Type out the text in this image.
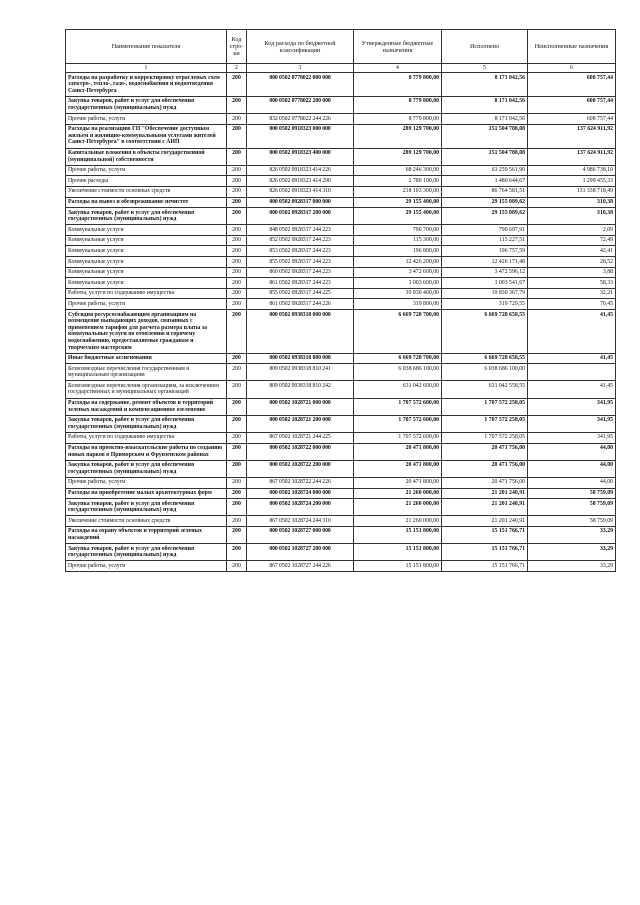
Наименование показателя	Код стро-ки	Код расхода по бюджетной классификации	Утвержденные бюджетные назначения	Исполнено	Неисполненные назначения
1	2	3	4	5	6
Расходы на разработку и корректировку отраслевых схем электро-, тепло-, газо-, водоснабжения и водоотведения Санкт-Петербурга	200	000 0502 0778022 000 000	8 779 800,00	8 171 042,56	608 757,44
Закупка товаров, работ и услуг для обеспечения государственных (муниципальных) нужд	200	000 0502 0778022 200 000	8 779 800,00	8 171 042,56	608 757,44
Прочие работы, услуги	200	832 0502 0778022 244 226	8 779 800,00	8 171 042,56	608 757,44
Расходы на реализацию ГП "Обеспечение доступным жильем и жилищно-коммунальными услугами жителей Санкт-Петербурга" в соответствии с АИП	200	000 0502 0918323 000 000	289 129 700,00	151 504 788,08	137 624 911,92
Капитальные вложения в объекты государственной (муниципальной) собственности	200	000 0502 0918323 400 000	289 129 700,00	151 504 788,08	137 624 911,92
Прочие работы, услуги	200	826 0502 0918323 414 226	68 246 300,00	63 259 561,90	4 986 738,10
Прочие расходы	200	826 0502 0918323 414 290	2 780 100,00	1 480 644,67	1 299 455,33
Увеличение стоимости основных средств	200	826 0502 0918323 414 310	218 103 300,00	86 764 581,51	131 338 718,49
Расходы на вывоз и обезвреживание нечистот	200	000 0502 0928317 000 000	29 155 400,00	29 155 089,62	310,38
Закупка товаров, работ и услуг для обеспечения государственных (муниципальных) нужд	200	000 0502 0928317 200 000	29 155 400,00	29 155 089,62	310,38
Коммунальные услуги	200	848 0502 0928317 244 223	790 700,00	790 697,91	2,09
Коммунальные услуги	200	852 0502 0928317 244 223	115 300,00	115 227,51	72,49
Коммунальные услуги	200	853 0502 0928317 244 223	196 800,00	196 757,59	42,41
Коммунальные услуги	200	855 0502 0928317 244 223	12 426 200,00	12 426 171,48	28,52
Коммунальные услуги	200	860 0502 0928317 244 223	3 472 600,00	3 472 596,12	3,88
Коммунальные услуги	200	861 0502 0928317 244 223	1 003 600,00	1 003 541,67	58,33
Работы, услуги по содержанию имущества	200	855 0502 0928317 244 225	10 830 400,00	10 830 367,79	32,21
Прочие работы, услуги	200	861 0502 0928317 244 226	319 800,00	319 729,55	70,45
Субсидия ресурсоснабжающим организациям на возмещение выпадающих доходов, связанных с применением тарифов для расчета размера платы за коммунальные услуги по отоплению и горячему водоснабжению, предоставляемые гражданам и творческим мастерским	200	000 0502 0938318 000 000	6 669 728 700,00	6 669 728 658,55	41,45
Иные бюджетные ассигнования	200	000 0502 0938318 800 000	6 669 728 700,00	6 669 728 658,55	41,45
Безвозмездные перечисления государственным и муниципальным организациям	200	809 0502 0938318 810 241	6 038 686 100,00	6 038 686 100,00	
Безвозмездные перечисления организациям, за исключением государственных и муниципальных организаций	200	809 0502 0938318 810 242	631 042 600,00	631 042 558,55	41,45
Расходы на содержание, ремонт объектов и территорий зеленых насаждений и компенсационное озеленение	200	000 0502 1028721 000 000	1 707 572 600,00	1 707 572 258,05	341,95
Закупка товаров, работ и услуг для обеспечения государственных (муниципальных) нужд	200	000 0502 1028721 200 000	1 707 572 600,00	1 707 572 258,05	341,95
Работы, услуги по содержанию имущества	200	867 0502 1028721 244 225	1 707 572 600,00	1 707 572 258,05	341,95
Расходы на проектно-изыскательские работы по созданию новых парков в Приморском и Фрунзенском районах	200	000 0502 1028722 000 000	20 471 800,00	20 471 756,00	44,00
Закупка товаров, работ и услуг для обеспечения государственных (муниципальных) нужд	200	000 0502 1028722 200 000	20 471 800,00	20 471 756,00	44,00
Прочие работы, услуги	200	867 0502 1028722 244 226	20 471 800,00	20 471 756,00	44,00
Расходы на приобретение малых архитектурных форм	200	000 0502 1028724 000 000	21 260 000,00	21 201 240,91	58 759,09
Закупка товаров, работ и услуг для обеспечения государственных (муниципальных) нужд	200	000 0502 1028724 200 000	21 260 000,00	21 201 240,91	58 759,09
Увеличение стоимости основных средств	200	867 0502 1028724 244 310	21 260 000,00	21 201 240,91	58 759,09
Расходы на охрану объектов и территорий зеленых насаждений	200	000 0502 1028727 000 000	15 151 800,00	15 151 766,71	33,29
Закупка товаров, работ и услуг для обеспечения государственных (муниципальных) нужд	200	000 0502 1028727 200 000	15 151 800,00	15 151 766,71	33,29
Прочие работы, услуги	200	867 0502 1028727 244 226	15 151 800,00	15 151 766,71	33,29
